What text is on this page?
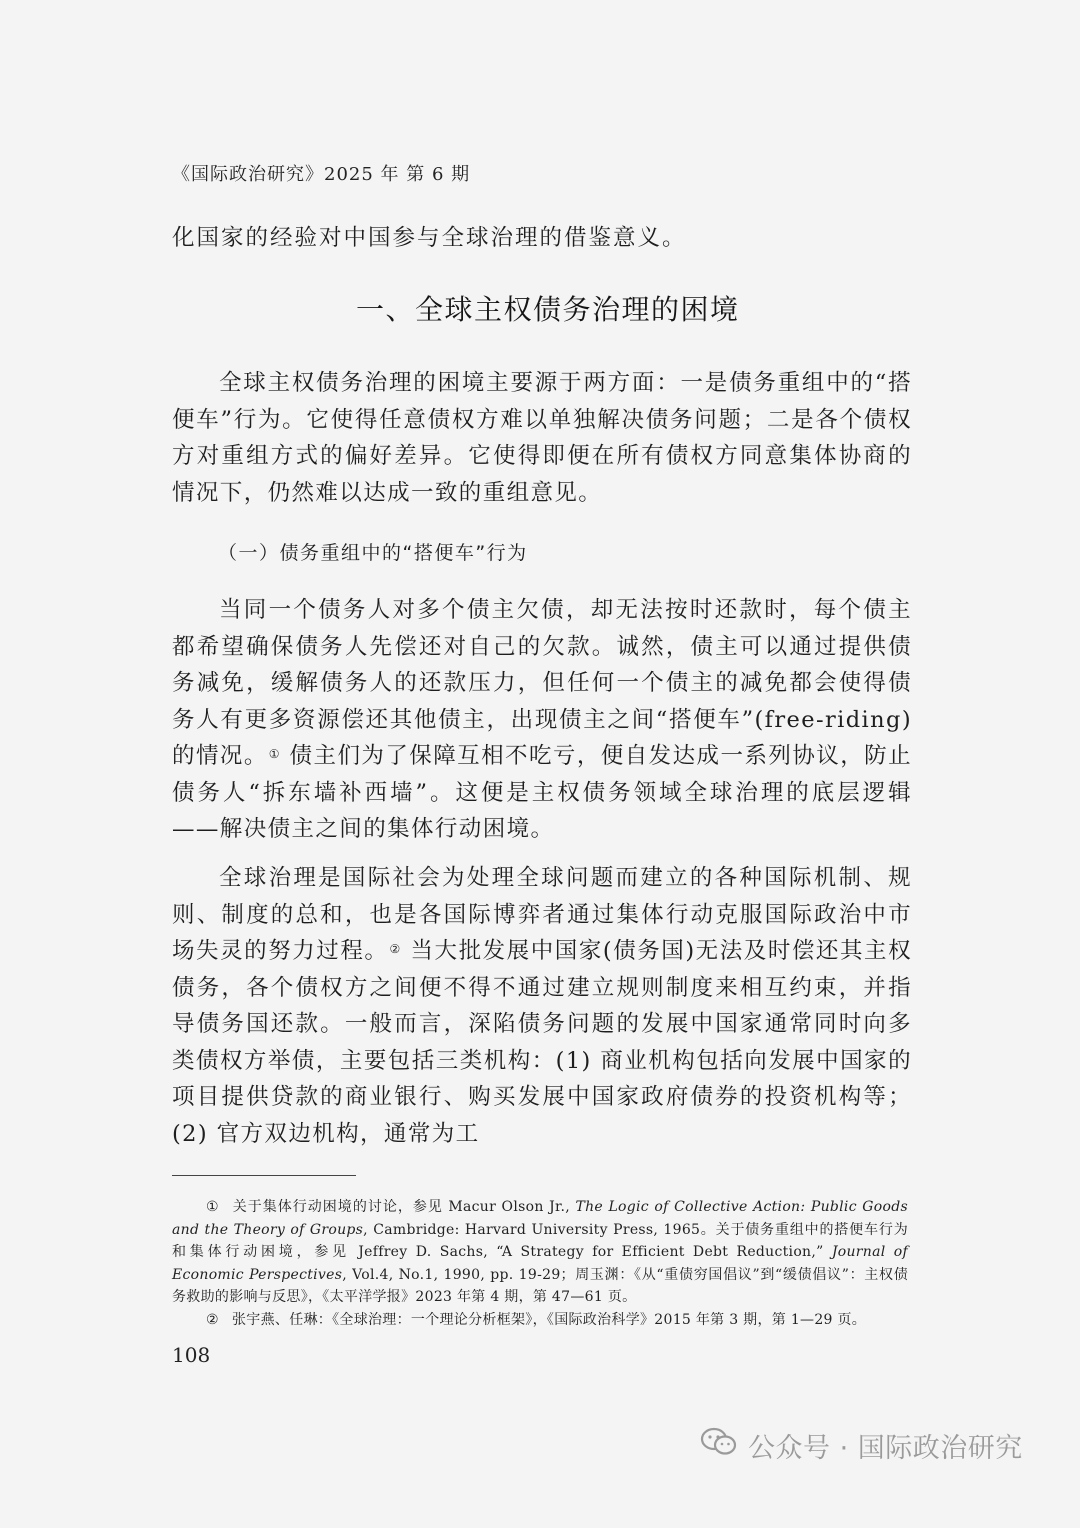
《国际政治研究》2025 年 第 6 期
化国家的经验对中国参与全球治理的借鉴意义。
一、全球主权债务治理的困境

全球主权债务治理的困境主要源于两方面：一是债务重组中的“搭便车”行为。它使得任意债权方难以单独解决债务问题；二是各个债权方对重组方式的偏好差异。它使得即便在所有债权方同意集体协商的情况下，仍然难以达成一致的重组意见。

（一）债务重组中的“搭便车”行为

当同一个债务人对多个债主欠债，却无法按时还款时，每个债主都希望确保债务人先偿还对自己的欠款。诚然，债主可以通过提供债务减免，缓解债务人的还款压力，但任何一个债主的减免都会使得债务人有更多资源偿还其他债主，出现债主之间“搭便车”(free-riding)的情况。① 债主们为了保障互相不吃亏，便自发达成一系列协议，防止债务人“拆东墙补西墙”。这便是主权债务领域全球治理的底层逻辑——解决债主之间的集体行动困境。

全球治理是国际社会为处理全球问题而建立的各种国际机制、规则、制度的总和，也是各国际博弈者通过集体行动克服国际政治中市场失灵的努力过程。② 当大批发展中国家(债务国)无法及时偿还其主权债务，各个债权方之间便不得不通过建立规则制度来相互约束，并指导债务国还款。一般而言，深陷债务问题的发展中国家通常同时向多类债权方举债，主要包括三类机构：(1) 商业机构包括向发展中国家的项目提供贷款的商业银行、购买发展中国家政府债券的投资机构等；(2) 官方双边机构，通常为工

① 关于集体行动困境的讨论，参见 Macur Olson Jr., The Logic of Collective Action: Public Goods and the Theory of Groups, Cambridge: Harvard University Press, 1965。关于债务重组中的搭便车行为和集体行动困境，参见 Jeffrey D. Sachs, “A Strategy for Efficient Debt Reduction,” Journal of Economic Perspectives, Vol.4, No.1, 1990, pp. 19-29；周玉渊：《从“重债穷国倡议”到“缓债倡议”：主权债务救助的影响与反思》，《太平洋学报》2023 年第 4 期，第 47—61 页。

② 张宇燕、任琳：《全球治理：一个理论分析框架》，《国际政治科学》2015 年第 3 期，第 1—29 页。

108
公众号 · 国际政治研究
